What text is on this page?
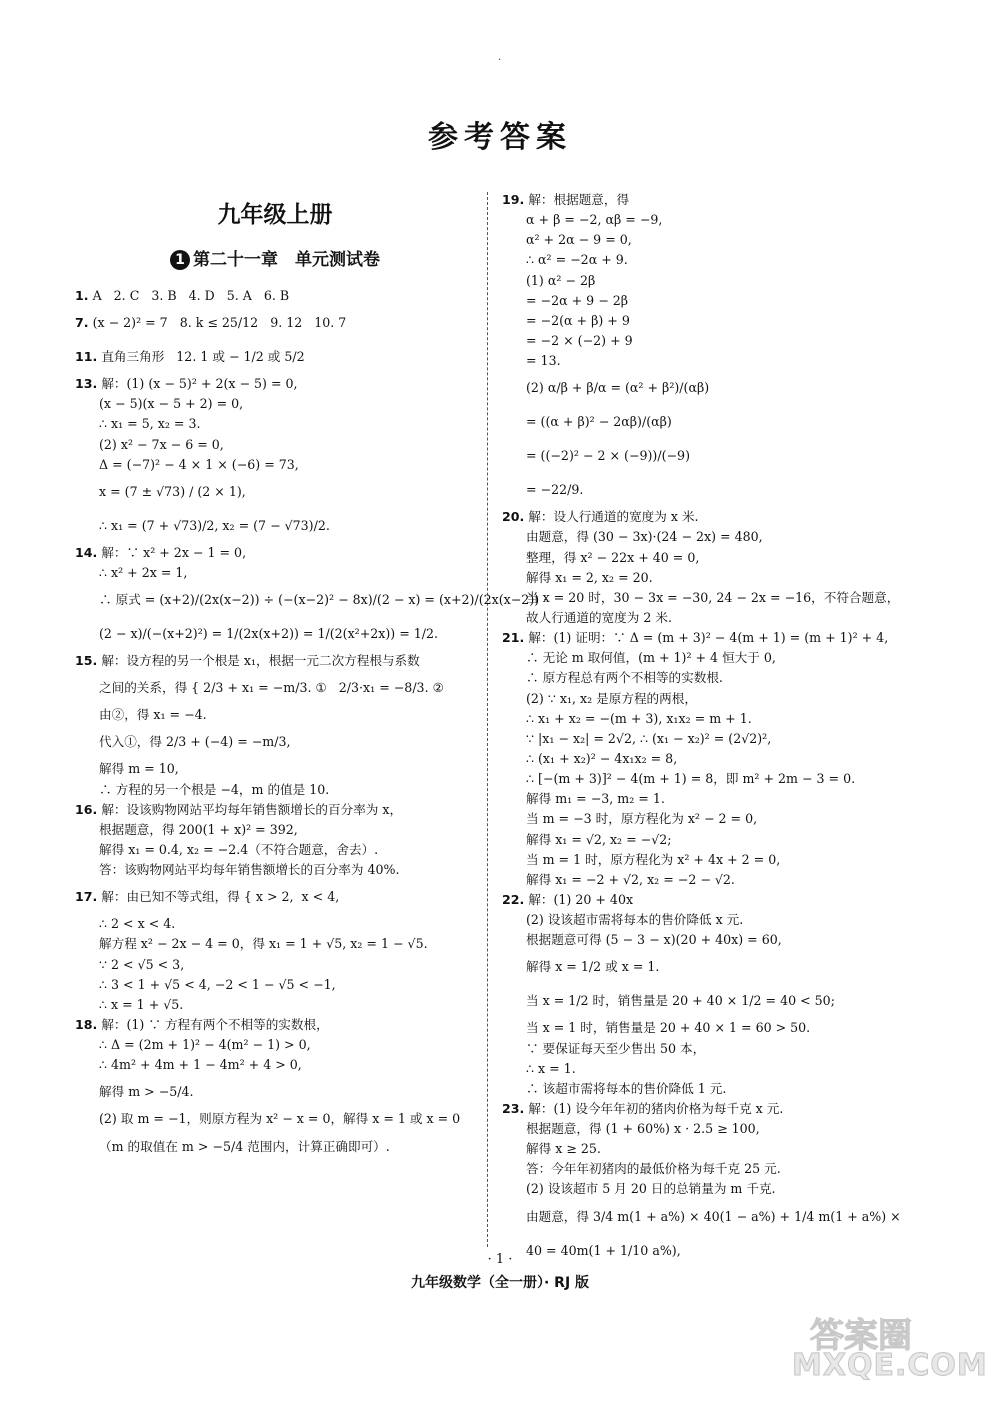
·
参考答案
九年级上册
1 第二十一章　单元测试卷
1. A   2. C   3. B   4. D   5. A   6. B
7. (x − 2)² = 7   8. k ≤ 25/12   9. 12   10. 7
11. 直角三角形   12. 1 或 − 1/2 或 5/2
13. 解：(1) (x − 5)² + 2(x − 5) = 0,
(x − 5)(x − 5 + 2) = 0,
∴ x₁ = 5, x₂ = 3.
(2) x² − 7x − 6 = 0,
Δ = (−7)² − 4 × 1 × (−6) = 73,
x = (7 ± √73) / (2 × 1),
∴ x₁ = (7 + √73)/2, x₂ = (7 − √73)/2.
14. 解：∵ x² + 2x − 1 = 0,
∴ x² + 2x = 1,
∴ 原式 = (x+2)/(2x(x−2)) ÷ (−(x−2)² − 8x)/(2 − x) = (x+2)/(2x(x−2)) ·
(2 − x)/(−(x+2)²) = 1/(2x(x+2)) = 1/(2(x²+2x)) = 1/2.
15. 解：设方程的另一个根是 x₁，根据一元二次方程根与系数
之间的关系，得 { 2/3 + x₁ = −m/3. ①   2/3·x₁ = −8/3. ②
由②，得 x₁ = −4.
代入①，得 2/3 + (−4) = −m/3,
解得 m = 10,
∴ 方程的另一个根是 −4，m 的值是 10.
16. 解：设该购物网站平均每年销售额增长的百分率为 x，
根据题意，得 200(1 + x)² = 392,
解得 x₁ = 0.4, x₂ = −2.4（不符合题意，舍去）.
答：该购物网站平均每年销售额增长的百分率为 40%.
17. 解：由已知不等式组，得 { x > 2,  x < 4,
∴ 2 < x < 4.
解方程 x² − 2x − 4 = 0，得 x₁ = 1 + √5, x₂ = 1 − √5.
∵ 2 < √5 < 3,
∴ 3 < 1 + √5 < 4, −2 < 1 − √5 < −1,
∴ x = 1 + √5.
18. 解：(1) ∵ 方程有两个不相等的实数根，
∴ Δ = (2m + 1)² − 4(m² − 1) > 0,
∴ 4m² + 4m + 1 − 4m² + 4 > 0,
解得 m > −5/4.
(2) 取 m = −1，则原方程为 x² − x = 0，解得 x = 1 或 x = 0
（m 的取值在 m > −5/4 范围内，计算正确即可）.
19. 解：根据题意，得
α + β = −2, αβ = −9,
α² + 2α − 9 = 0,
∴ α² = −2α + 9.
(1) α² − 2β
= −2α + 9 − 2β
= −2(α + β) + 9
= −2 × (−2) + 9
= 13.
(2) α/β + β/α = (α² + β²)/(αβ)
= ((α + β)² − 2αβ)/(αβ)
= ((−2)² − 2 × (−9))/(−9)
= −22/9.
20. 解：设人行通道的宽度为 x 米.
由题意，得 (30 − 3x)·(24 − 2x) = 480,
整理，得 x² − 22x + 40 = 0,
解得 x₁ = 2, x₂ = 20.
当 x = 20 时，30 − 3x = −30, 24 − 2x = −16，不符合题意，
故人行通道的宽度为 2 米.
21. 解：(1) 证明：∵ Δ = (m + 3)² − 4(m + 1) = (m + 1)² + 4,
∴ 无论 m 取何值，(m + 1)² + 4 恒大于 0,
∴ 原方程总有两个不相等的实数根.
(2) ∵ x₁, x₂ 是原方程的两根，
∴ x₁ + x₂ = −(m + 3), x₁x₂ = m + 1.
∵ |x₁ − x₂| = 2√2, ∴ (x₁ − x₂)² = (2√2)²,
∴ (x₁ + x₂)² − 4x₁x₂ = 8,
∴ [−(m + 3)]² − 4(m + 1) = 8，即 m² + 2m − 3 = 0.
解得 m₁ = −3, m₂ = 1.
当 m = −3 时，原方程化为 x² − 2 = 0,
解得 x₁ = √2, x₂ = −√2;
当 m = 1 时，原方程化为 x² + 4x + 2 = 0,
解得 x₁ = −2 + √2, x₂ = −2 − √2.
22. 解：(1) 20 + 40x
(2) 设该超市需将每本的售价降低 x 元.
根据题意可得 (5 − 3 − x)(20 + 40x) = 60,
解得 x = 1/2 或 x = 1.
当 x = 1/2 时，销售量是 20 + 40 × 1/2 = 40 < 50;
当 x = 1 时，销售量是 20 + 40 × 1 = 60 > 50.
∵ 要保证每天至少售出 50 本，
∴ x = 1.
∴ 该超市需将每本的售价降低 1 元.
23. 解：(1) 设今年年初的猪肉价格为每千克 x 元.
根据题意，得 (1 + 60%) x · 2.5 ≥ 100,
解得 x ≥ 25.
答：今年年初猪肉的最低价格为每千克 25 元.
(2) 设该超市 5 月 20 日的总销量为 m 千克.
由题意，得 3/4 m(1 + a%) × 40(1 − a%) + 1/4 m(1 + a%) ×
40 = 40m(1 + 1/10 a%),
· 1 ·
九年级数学（全一册）· RJ 版
答案圈
MXQE.COM
